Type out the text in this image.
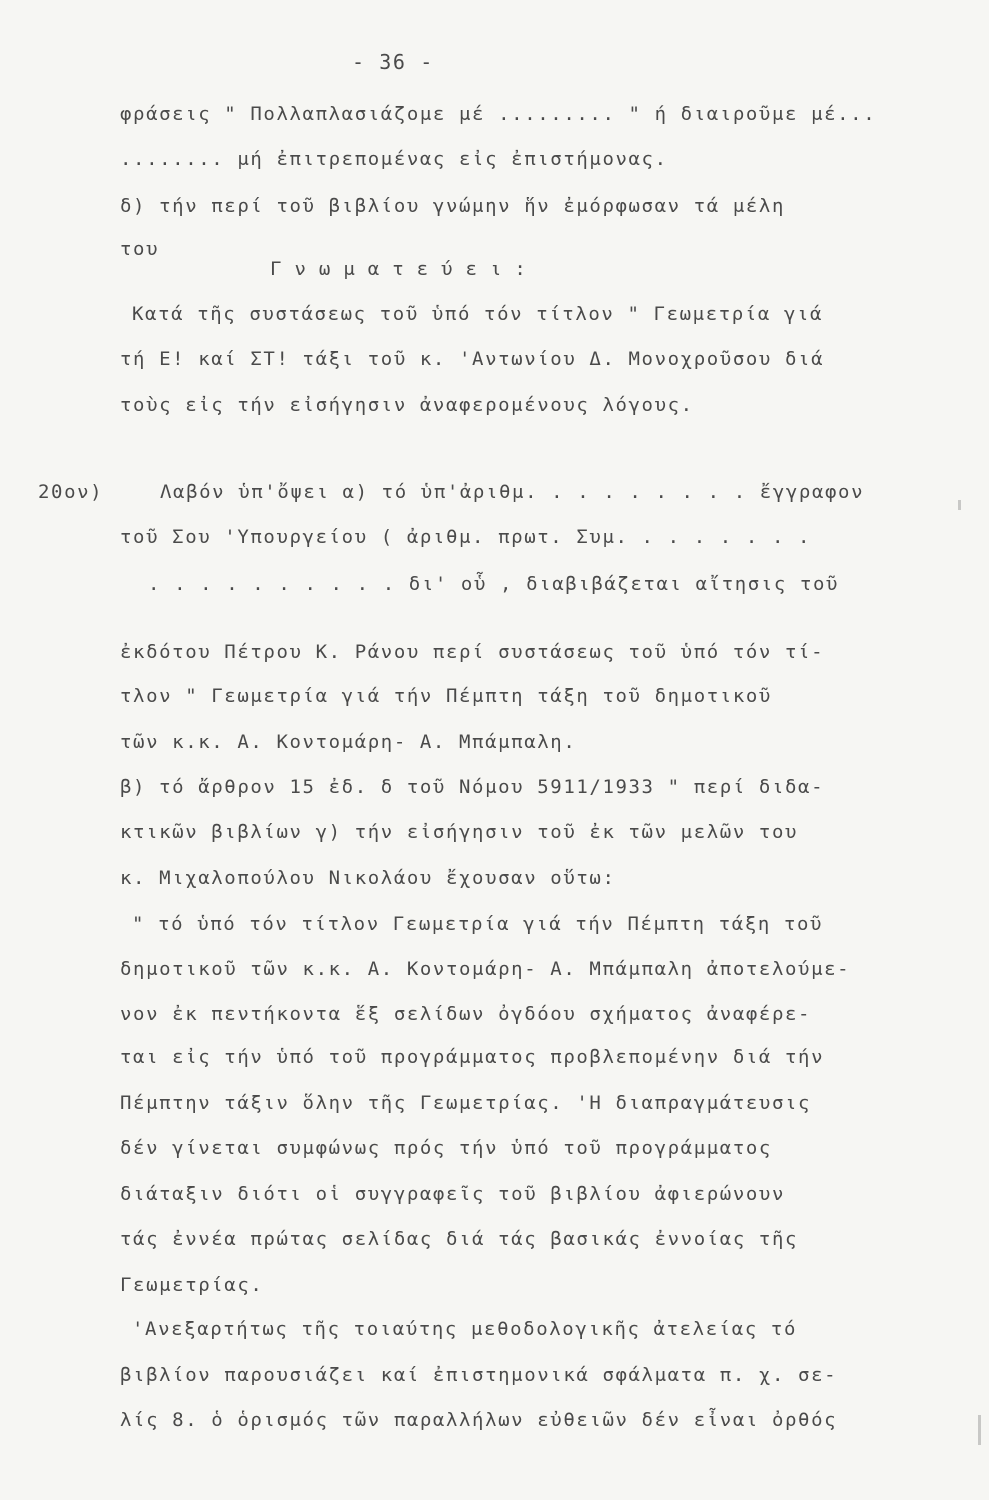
- 36 -
φράσεις " Πολλαπλασιάζομε μέ ......... " ή διαιροῦμε μέ...
........ μή ἐπιτρεπομένας εἰς ἐπιστήμονας.
δ) τήν περί τοῦ βιβλίου γνώμην ἥν ἐμόρφωσαν τά μέλη
του
Γνωματεύει:
Κατά τῆς συστάσεως τοῦ ὑπό τόν τίτλον " Γεωμετρία γιά
τή Ε! καί ΣΤ! τάξι τοῦ κ. 'Αντωνίου Δ. Μονοχροῦσου διά
τοὺς εἰς τήν εἰσήγησιν ἀναφερομένους λόγους.
20ον)	Λαβόν ὑπ'ὄψει α) τό ὑπ'ἀριθμ. . . . . . . . . ἔγγραφον
τοῦ Σου 'Υπουργείου ( ἀριθμ. πρωτ. Συμ. . . . . . . .
. . . . . . . . . . δι' οὗ , διαβιβάζεται αἴτησις τοῦ
ἐκδότου Πέτρου Κ. Ράνου περί συστάσεως τοῦ ὑπό τόν τί-
τλον " Γεωμετρία γιά τήν Πέμπτη τάξη τοῦ δημοτικοῦ
τῶν κ.κ. Α. Κοντομάρη- Α. Μπάμπαλη.
β) τό ἄρθρον 15 ἐδ. δ τοῦ Νόμου 5911/1933 " περί διδα-
κτικῶν βιβλίων γ) τήν εἰσήγησιν τοῦ ἐκ τῶν μελῶν του
κ. Μιχαλοπούλου Νικολάου ἔχουσαν οὕτω:
" τό ὑπό τόν τίτλον Γεωμετρία γιά τήν Πέμπτη τάξη τοῦ
δημοτικοῦ τῶν κ.κ. Α. Κοντομάρη- Α. Μπάμπαλη ἀποτελούμε-
νον ἐκ πεντήκοντα ἕξ σελίδων ὀγδόου σχήματος ἀναφέρε-
ται εἰς τήν ὑπό τοῦ προγράμματος προβλεπομένην διά τήν
Πέμπτην τάξιν ὅλην τῆς Γεωμετρίας. 'Η διαπραγμάτευσις
δέν γίνεται συμφώνως πρός τήν ὑπό τοῦ προγράμματος
διάταξιν διότι οἱ συγγραφεῖς τοῦ βιβλίου ἀφιερώνουν
τάς ἐννέα πρώτας σελίδας διά τάς βασικάς ἐννοίας τῆς
Γεωμετρίας.
'Ανεξαρτήτως τῆς τοιαύτης μεθοδολογικῆς ἀτελείας τό
βιβλίον παρουσιάζει καί ἐπιστημονικά σφάλματα π. χ. σε-
λίς 8. ὁ ὁρισμός τῶν παραλλήλων εὐθειῶν δέν εἶναι ὀρθός
